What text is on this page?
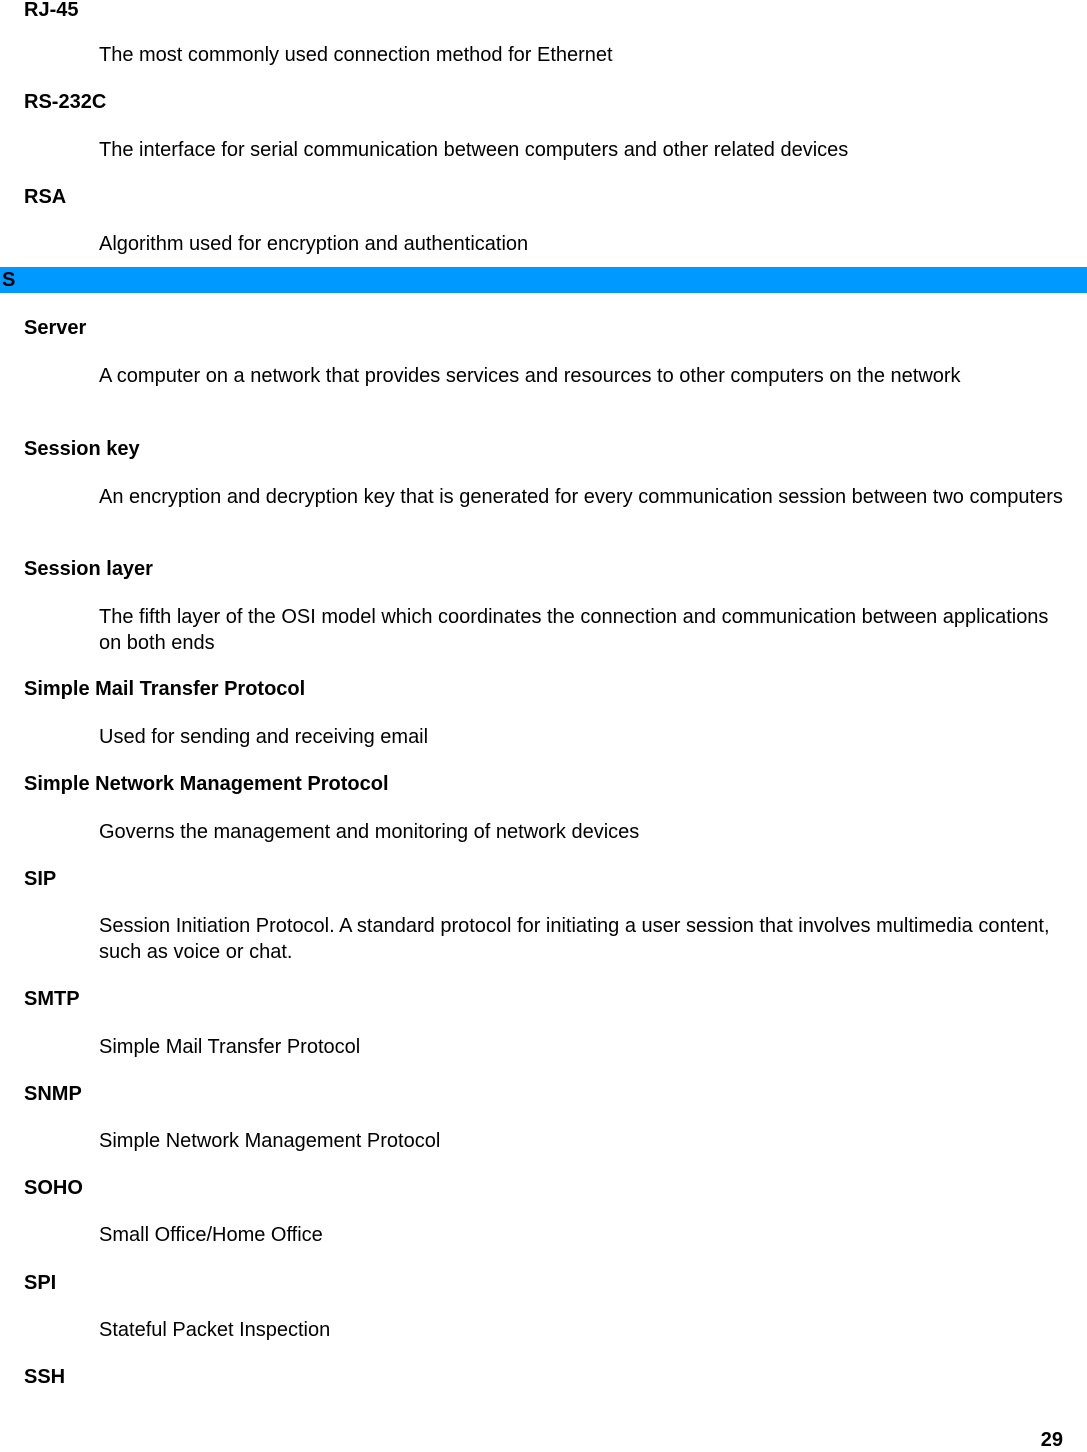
RJ-45
The most commonly used connection method for Ethernet
RS-232C
The interface for serial communication between computers and other related devices
RSA
Algorithm used for encryption and authentication
S
Server
A computer on a network that provides services and resources to other computers on the network
Session key
An encryption and decryption key that is generated for every communication session between two computers
Session layer
The fifth layer of the OSI model which coordinates the connection and communication between applications on both ends
Simple Mail Transfer Protocol
Used for sending and receiving email
Simple Network Management Protocol
Governs the management and monitoring of network devices
SIP
Session Initiation Protocol. A standard protocol for initiating a user session that involves multimedia content, such as voice or chat.
SMTP
Simple Mail Transfer Protocol
SNMP
Simple Network Management Protocol
SOHO
Small Office/Home Office
SPI
Stateful Packet Inspection
SSH
29
